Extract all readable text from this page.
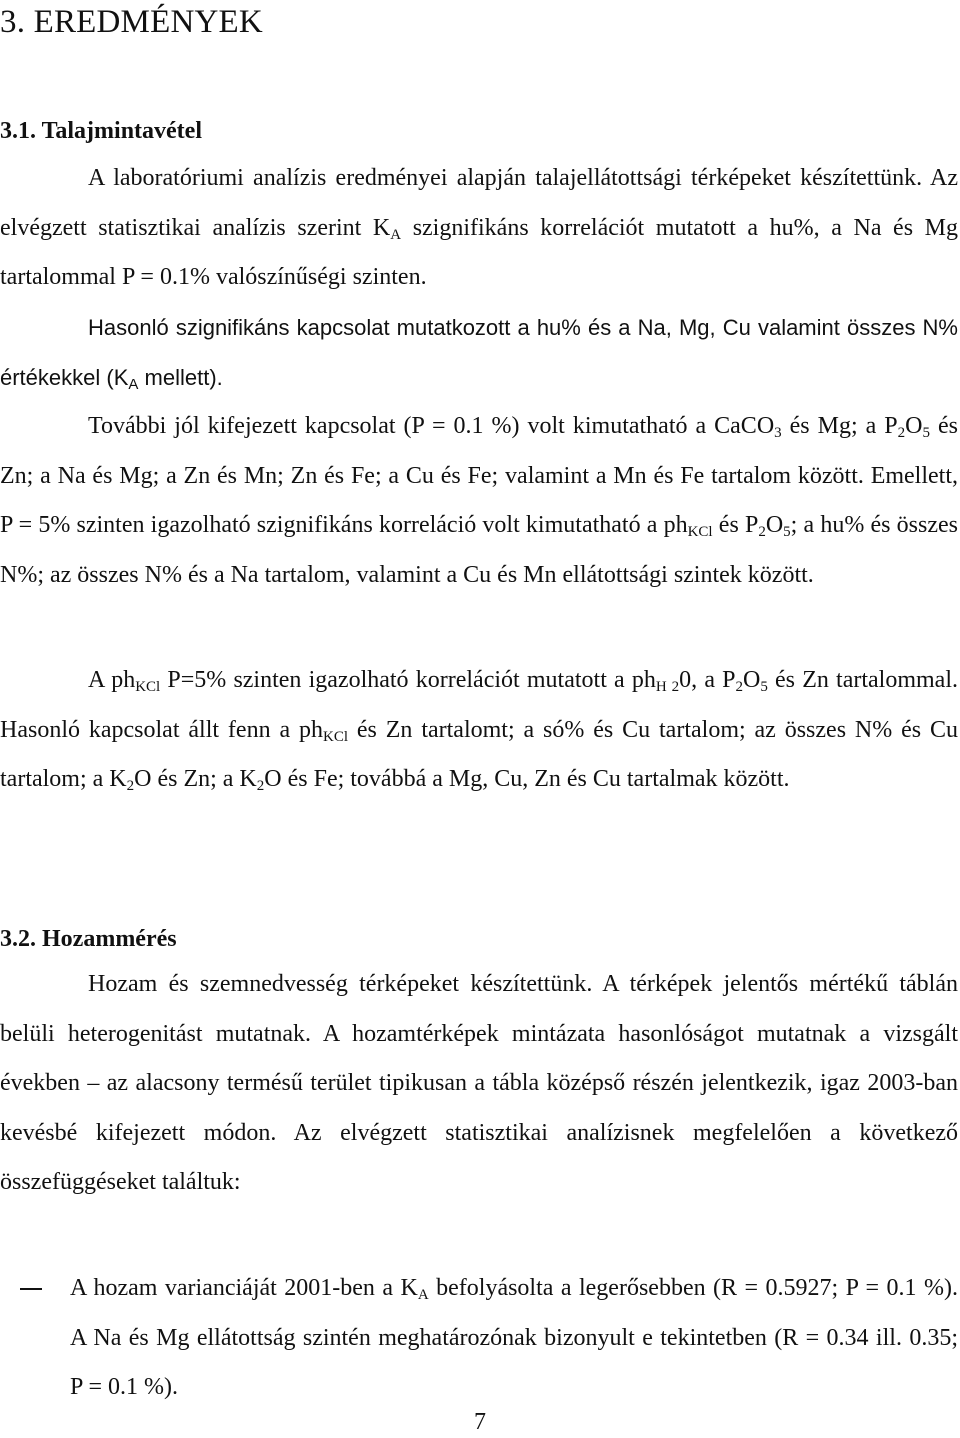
3. EREDMÉNYEK
3.1. Talajmintavétel

A laboratóriumi analízis eredményei alapján talajellátottsági térképeket készítettünk. Az elvégzett statisztikai analízis szerint $K_A$ szignifikáns korrelációt mutatott a hu%, a Na és Mg tartalommal P = 0.1% valószínűségi szinten.

Hasonló szignifikáns kapcsolat mutatkozott a hu% és a Na, Mg, Cu valamint összes N% értékekkel ($K_A$ mellett).

További jól kifejezett kapcsolat (P = 0.1 %) volt kimutatható a CaCO$_3$ és Mg; a $P_2O_5$ és Zn; a Na és Mg; a Zn és Mn; Zn és Fe; a Cu és Fe; valamint a Mn és Fe tartalom között. Emellett, P = 5% szinten igazolható szignifikáns korreláció volt kimutatható a $ph_{KCl}$ és $P_2O_5$; a hu% és összes N%; az összes N% és a Na tartalom, valamint a Cu és Mn ellátottsági szintek között.

A $ph_{KCl}$ P=5% szinten igazolható korrelációt mutatott a $ph_{H 2}0$, a $P_2O_5$ és Zn tartalommal. Hasonló kapcsolat állt fenn a $ph_{KCl}$ és Zn tartalomt; a só% és Cu tartalom; az összes N% és Cu tartalom; a $K_2O$ és Zn; a $K_2O$ és Fe; továbbá a Mg, Cu, Zn és Cu tartalmak között.

3.2. Hozammérés

Hozam és szemnedvesség térképeket készítettünk. A térképek jelentős mértékű táblán belüli heterogenitást mutatnak. A hozamtérképek mintázata hasonlóságot mutatnak a vizsgált években – az alacsony termésű terület tipikusan a tábla középső részén jelentkezik, igaz 2003-ban kevésbé kifejezett módon. Az elvégzett statisztikai analízisnek megfelelően a következő összefüggéseket találtuk:

A hozam varianciáját 2001-ben a $K_A$ befolyásolta a legerősebben (R = 0.5927; P = 0.1 %). A Na és Mg ellátottság szintén meghatározónak bizonyult e tekintetben (R = 0.34 ill. 0.35; P = 0.1 %).

7
